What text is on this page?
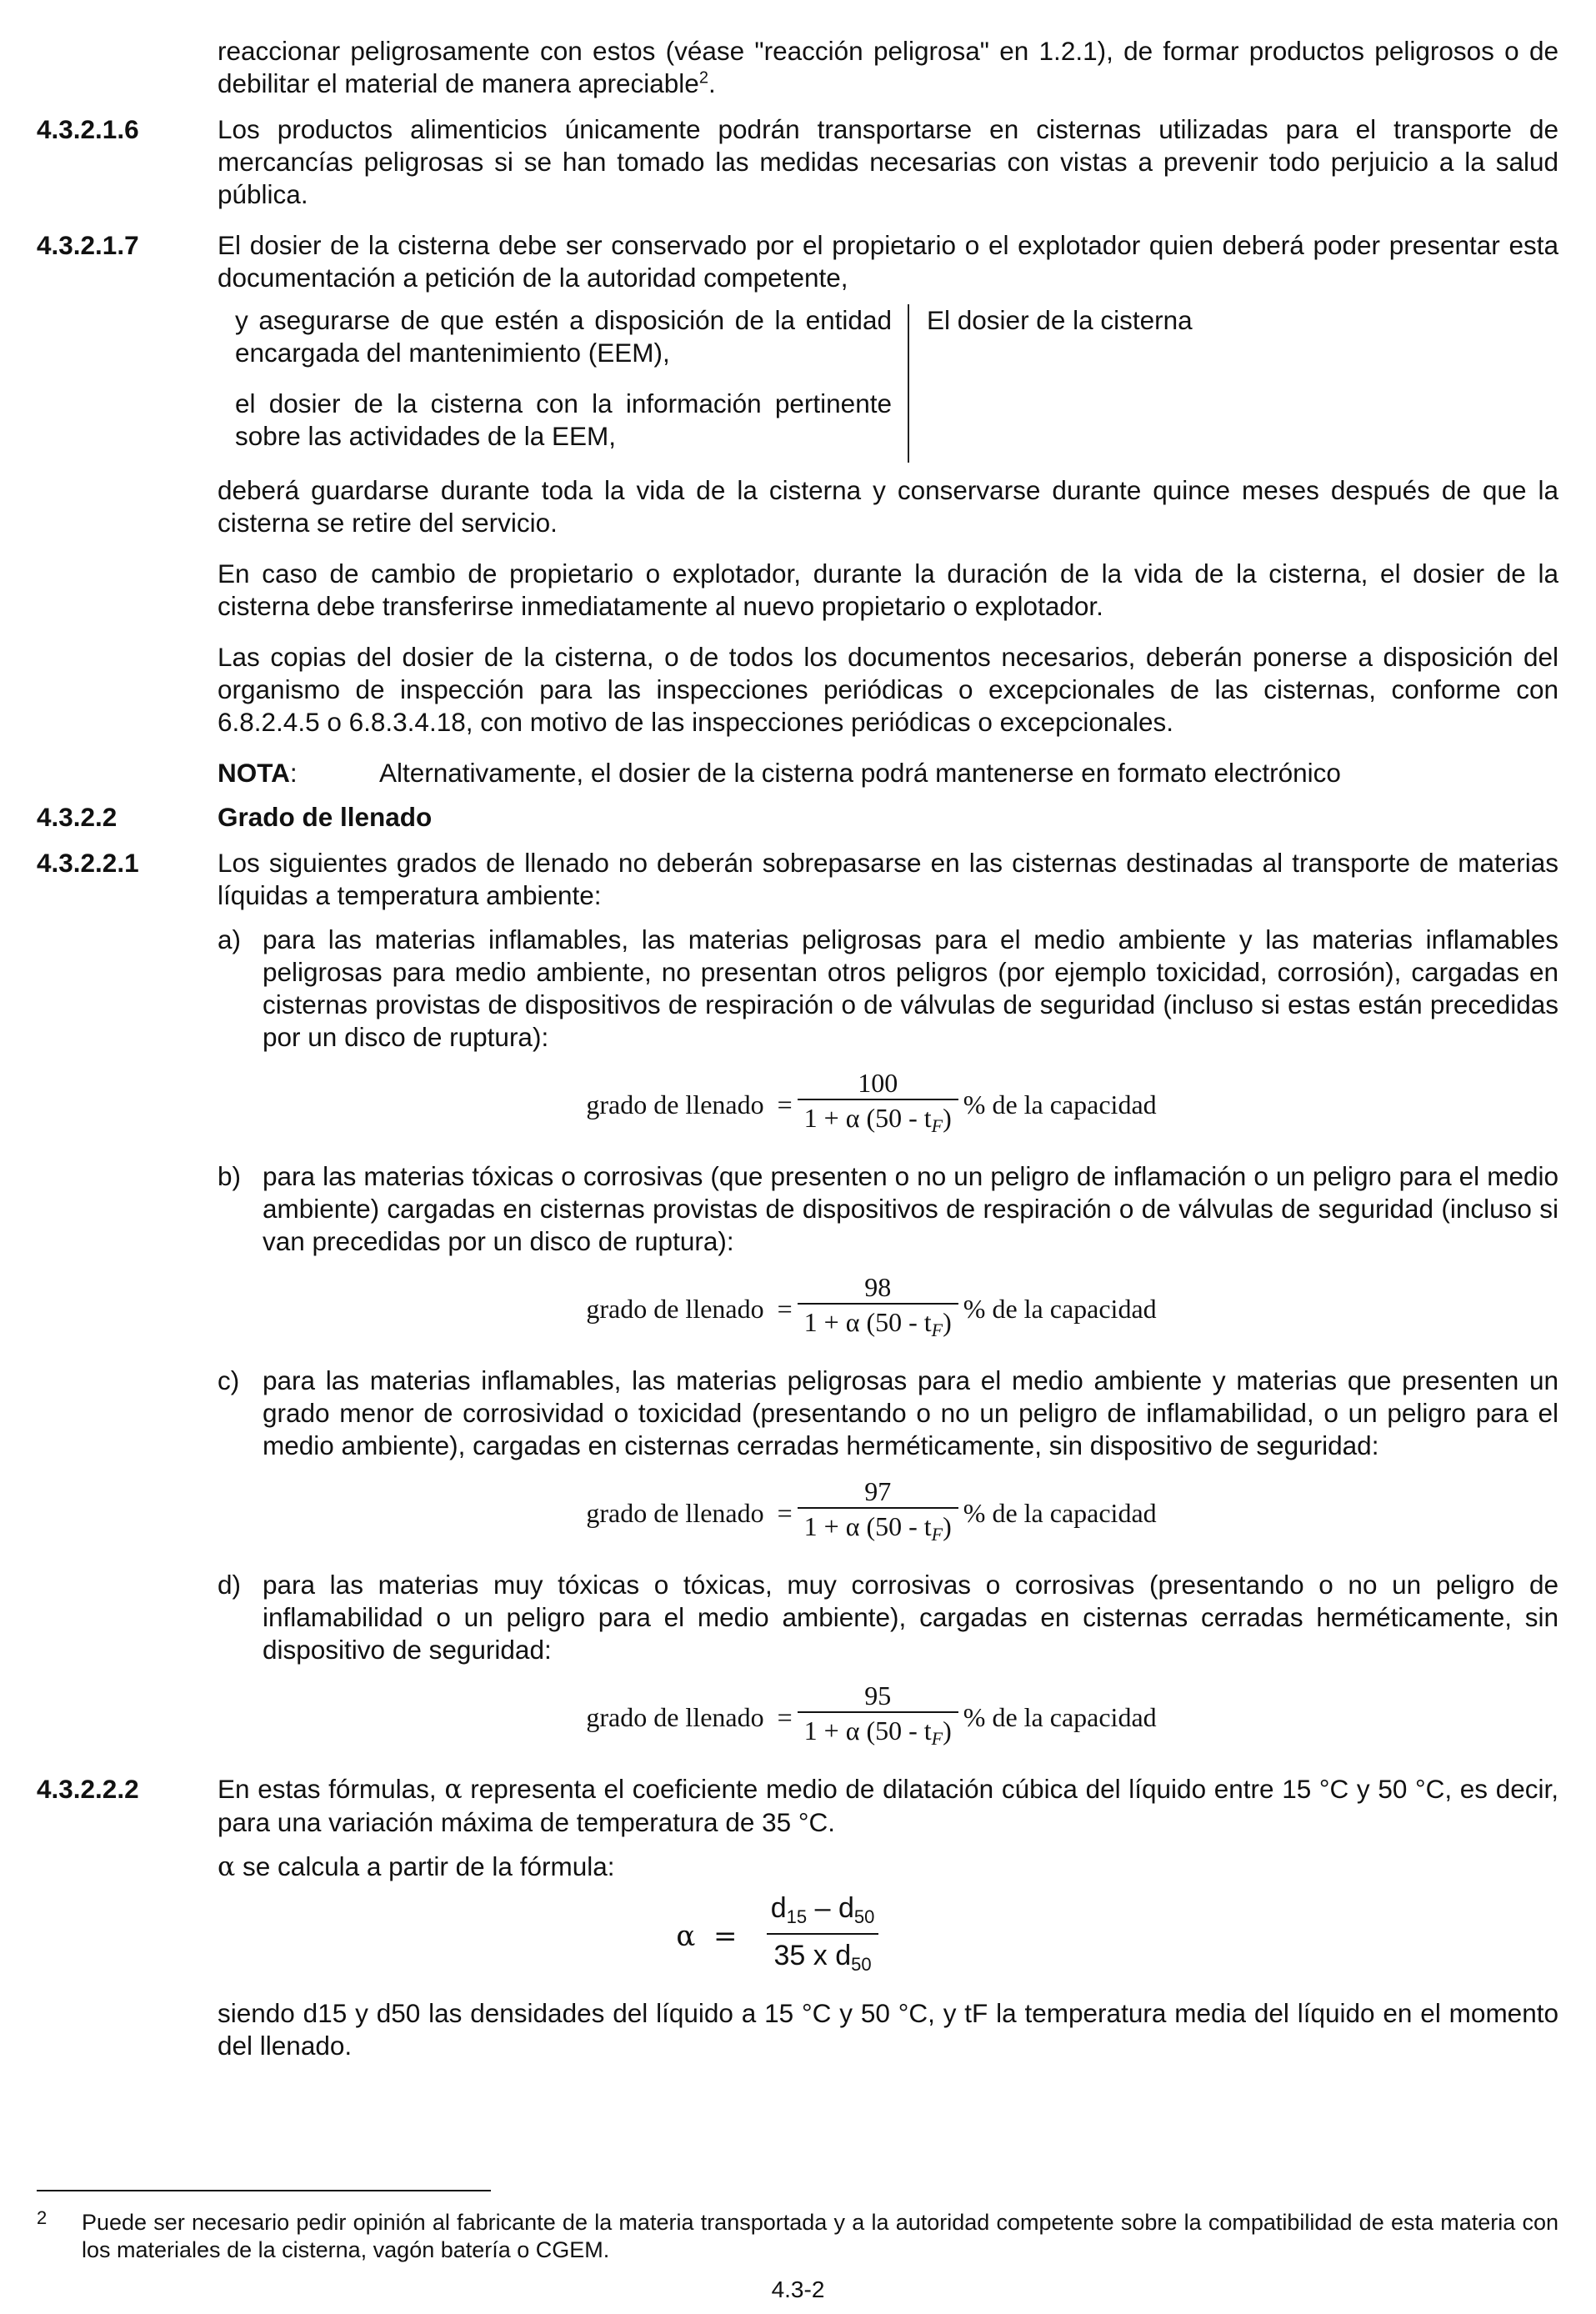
reaccionar peligrosamente con estos (véase "reacción peligrosa" en 1.2.1), de formar productos peligrosos o de debilitar el material de manera apreciable$^2$.

4.3.2.1.6	Los productos alimenticios únicamente podrán transportarse en cisternas utilizadas para el transporte de mercancías peligrosas si se han tomado las medidas necesarias con vistas a prevenir todo perjuicio a la salud pública.

4.3.2.1.7	El dosier de la cisterna debe ser conservado por el propietario o el explotador quien deberá poder presentar esta documentación a petición de la autoridad competente,

y asegurarse de que estén a disposición de la entidad encargada del mantenimiento (EEM),

el dosier de la cisterna con la información pertinente sobre las actividades de la EEM,

El dosier de la cisterna

deberá guardarse durante toda la vida de la cisterna y conservarse durante quince meses después de que la cisterna se retire del servicio.

En caso de cambio de propietario o explotador, durante la duración de la vida de la cisterna, el dosier de la cisterna debe transferirse inmediatamente al nuevo propietario o explotador.

Las copias del dosier de la cisterna, o de todos los documentos necesarios, deberán ponerse a disposición del organismo de inspección para las inspecciones periódicas o excepcionales de las cisternas, conforme con 6.8.2.4.5 o 6.8.3.4.18, con motivo de las inspecciones periódicas o excepcionales.

NOTA:	Alternativamente, el dosier de la cisterna podrá mantenerse en formato electrónico
4.3.2.2	Grado de llenado
4.3.2.2.1	Los siguientes grados de llenado no deberán sobrepasarse en las cisternas destinadas al transporte de materias líquidas a temperatura ambiente:

a) para las materias inflamables, las materias peligrosas para el medio ambiente y las materias inflamables peligrosas para medio ambiente, no presentan otros peligros (por ejemplo toxicidad, corrosión), cargadas en cisternas provistas de dispositivos de respiración o de válvulas de seguridad (incluso si estas están precedidas por un disco de ruptura):
grado de llenado = $\frac{100}{1 + \alpha (50 - t_F)}$ % de la capacidad
b) para las materias tóxicas o corrosivas (que presenten o no un peligro de inflamación o un peligro para el medio ambiente) cargadas en cisternas provistas de dispositivos de respiración o de válvulas de seguridad (incluso si van precedidas por un disco de ruptura):
grado de llenado = $\frac{98}{1 + \alpha (50 - t_F)}$ % de la capacidad
c) para las materias inflamables, las materias peligrosas para el medio ambiente y materias que presenten un grado menor de corrosividad o toxicidad (presentando o no un peligro de inflamabilidad, o un peligro para el medio ambiente), cargadas en cisternas cerradas herméticamente, sin dispositivo de seguridad:
grado de llenado = $\frac{97}{1 + \alpha (50 - t_F)}$ % de la capacidad
d) para las materias muy tóxicas o tóxicas, muy corrosivas o corrosivas (presentando o no un peligro de inflamabilidad o un peligro para el medio ambiente), cargadas en cisternas cerradas herméticamente, sin dispositivo de seguridad:
grado de llenado = $\frac{95}{1 + \alpha (50 - t_F)}$ % de la capacidad
4.3.2.2.2	En estas fórmulas, α representa el coeficiente medio de dilatación cúbica del líquido entre 15 °C y 50 °C, es decir, para una variación máxima de temperatura de 35 °C.

α se calcula a partir de la fórmula:

$\alpha = \frac{d_{15} - d_{50}}{35 x d_{50}}$

siendo d15 y d50 las densidades del líquido a 15 °C y 50 °C, y tF la temperatura media del líquido en el momento del llenado.

2 Puede ser necesario pedir opinión al fabricante de la materia transportada y a la autoridad competente sobre la compatibilidad de esta materia con los materiales de la cisterna, vagón batería o CGEM.
4.3-2
